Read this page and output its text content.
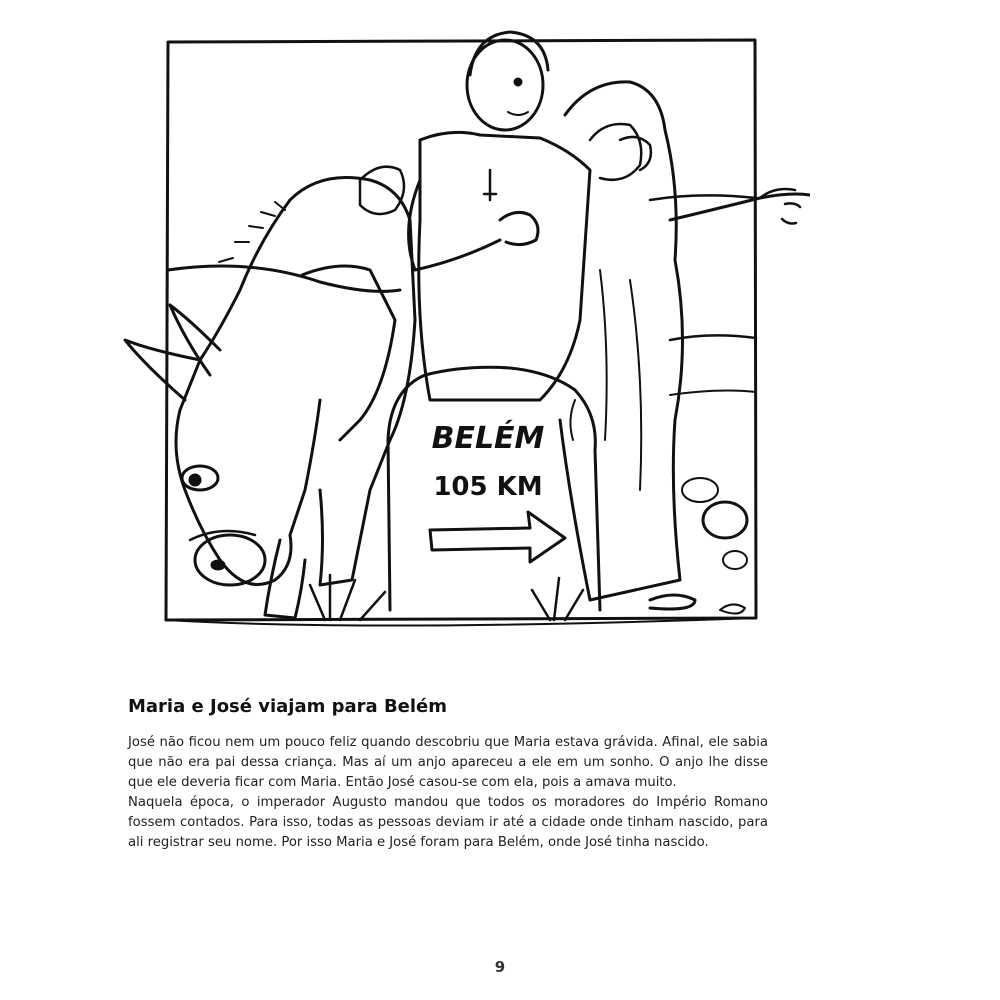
BELÉM
105 KM
Maria e José viajam para Belém

José não ficou nem um pouco feliz quando descobriu que Maria estava grávida. Afinal, ele sabia que não era pai dessa criança. Mas aí um anjo apareceu a ele em um sonho. O anjo lhe disse que ele deveria ficar com Maria. Então José casou-se com ela, pois a amava muito.

Naquela época, o imperador Augusto mandou que todos os moradores do Império Romano fossem contados. Para isso, todas as pessoas deviam ir até a cidade onde tinham nascido, para ali registrar seu nome. Por isso Maria e José foram para Belém, onde José tinha nascido.

9
